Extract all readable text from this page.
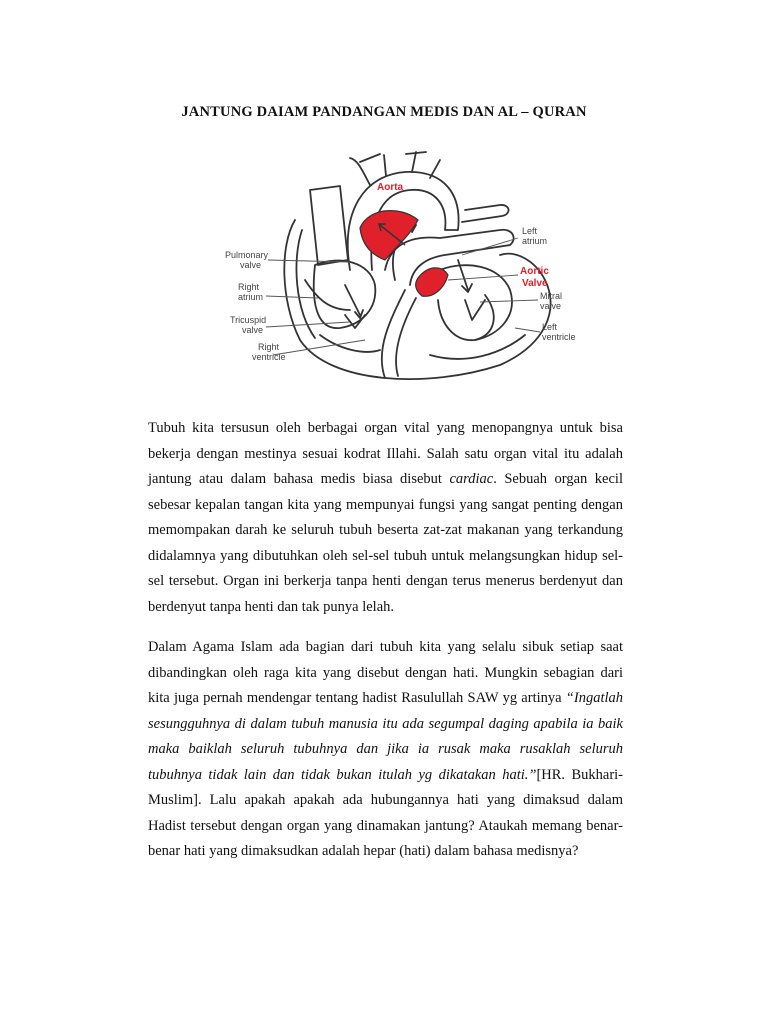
JANTUNG DAIAM PANDANGAN MEDIS DAN AL – QURAN
Aorta
Pulmonary
valve
Right
atrium
Tricuspid
valve
Right
ventricle
Left
atrium
Aortic
Valve
Mitral
valve
Left
ventricle

Tubuh kita tersusun oleh berbagai organ vital yang menopangnya untuk bisa bekerja dengan mestinya sesuai kodrat Illahi. Salah satu organ vital itu adalah jantung atau dalam bahasa medis biasa disebut cardiac. Sebuah organ kecil sebesar kepalan tangan kita yang mempunyai fungsi yang sangat penting dengan memompakan darah ke seluruh tubuh beserta zat-zat makanan yang terkandung didalamnya yang dibutuhkan oleh sel-sel tubuh untuk melangsungkan hidup sel-sel tersebut. Organ ini berkerja tanpa henti dengan terus menerus berdenyut dan berdenyut tanpa henti dan tak punya lelah.

Dalam Agama Islam ada bagian dari tubuh kita yang selalu sibuk setiap saat dibandingkan oleh raga kita yang disebut dengan hati. Mungkin sebagian dari kita juga pernah mendengar tentang hadist Rasulullah SAW yg artinya “Ingatlah sesungguhnya di dalam tubuh manusia itu ada segumpal daging apabila ia baik maka baiklah seluruh tubuhnya dan jika ia rusak maka rusaklah seluruh tubuhnya tidak lain dan tidak bukan itulah yg dikatakan hati.”[HR. Bukhari-Muslim]. Lalu apakah apakah ada hubungannya hati yang dimaksud dalam Hadist tersebut dengan organ yang dinamakan jantung? Ataukah memang benar-benar hati yang dimaksudkan adalah hepar (hati) dalam bahasa medisnya?
